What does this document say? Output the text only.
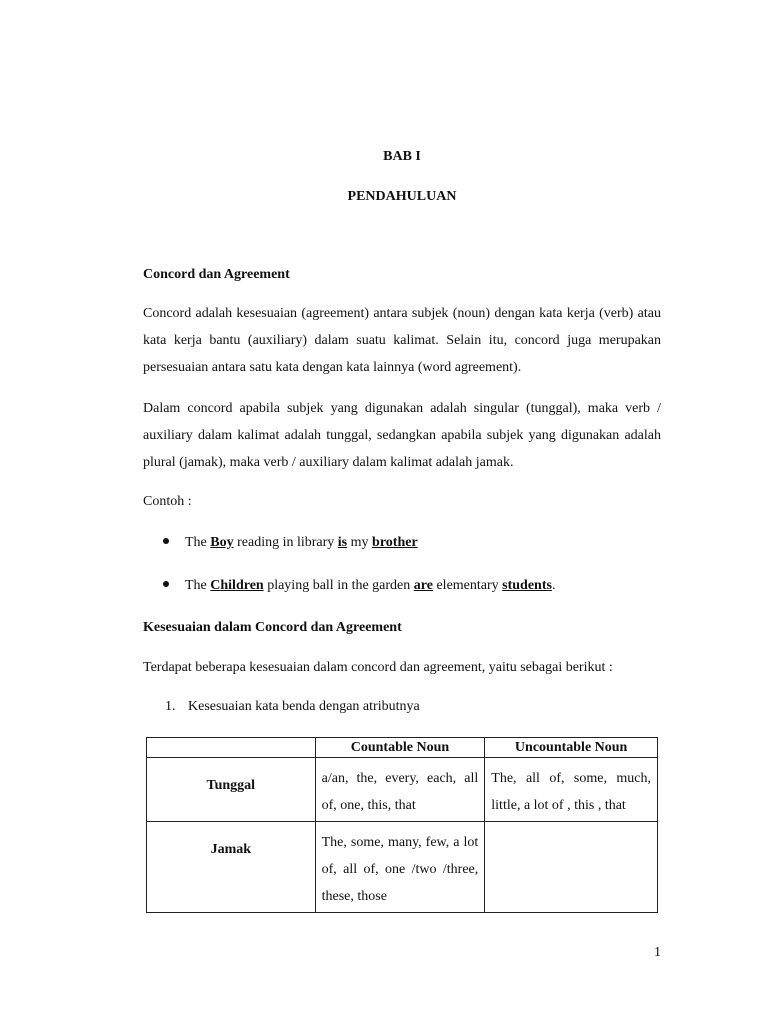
BAB I
PENDAHULUAN
Concord dan Agreement
Concord adalah kesesuaian (agreement) antara subjek (noun) dengan kata kerja (verb) atau kata kerja bantu (auxiliary) dalam suatu kalimat. Selain itu, concord juga merupakan persesuaian antara satu kata dengan kata lainnya (word agreement).
Dalam concord apabila subjek yang digunakan adalah singular (tunggal), maka verb / auxiliary dalam kalimat adalah tunggal, sedangkan apabila subjek yang digunakan adalah plural (jamak), maka verb / auxiliary dalam kalimat adalah jamak.
Contoh :
The Boy reading in library is my brother
The Children playing ball in the garden are elementary students.
Kesesuaian dalam Concord dan Agreement
Terdapat beberapa kesesuaian dalam concord dan agreement, yaitu sebagai berikut :
1. Kesesuaian kata benda dengan atributnya
	Countable Noun	Uncountable Noun
Tunggal	a/an, the, every, each, all of, one, this, that	The, all of, some, much, little, a lot of , this , that
Jamak	The, some, many, few, a lot of, all of, one /two /three, these, those	
1
